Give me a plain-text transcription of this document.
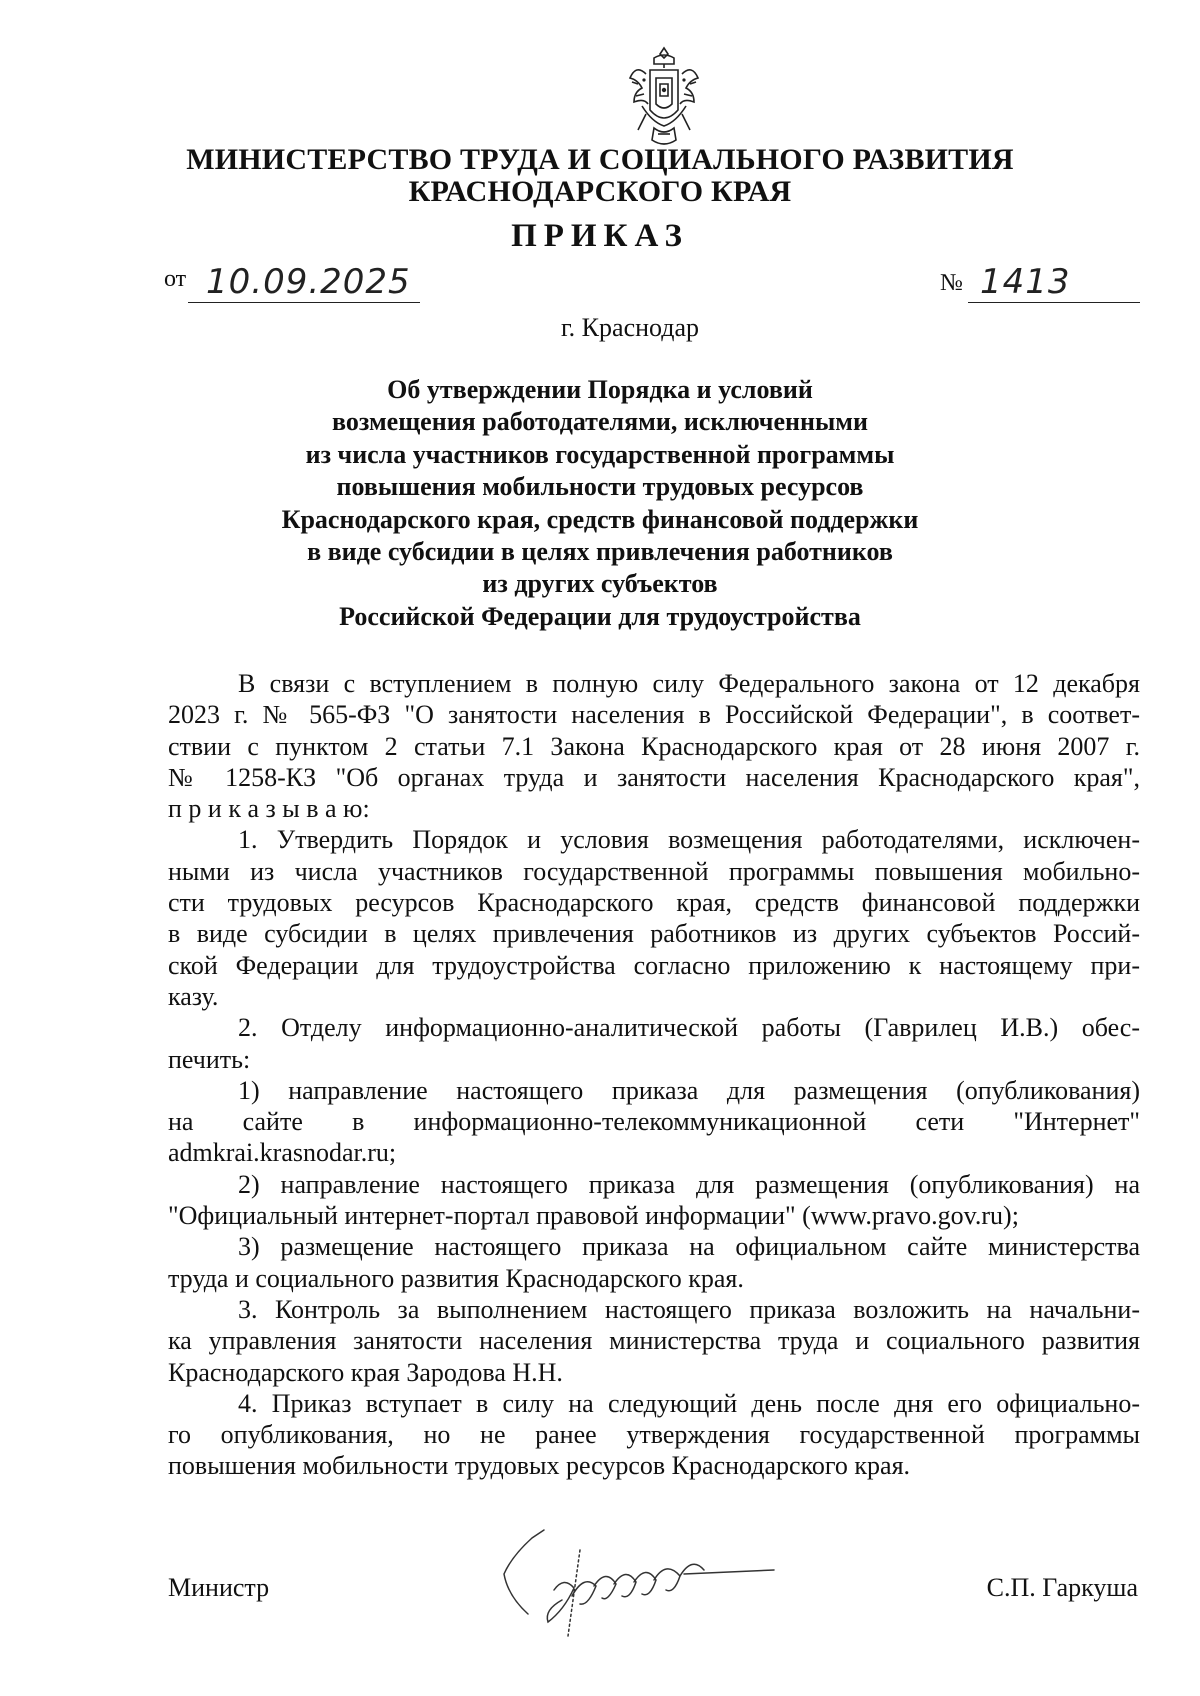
МИНИСТЕРСТВО ТРУДА И СОЦИАЛЬНОГО РАЗВИТИЯ
КРАСНОДАРСКОГО КРАЯ
ПРИКАЗ
от 10.09.2025	№ 1413
г. Краснодар
Об утверждении Порядка и условий
возмещения работодателями, исключенными
из числа участников государственной программы
повышения мобильности трудовых ресурсов
Краснодарского края, средств финансовой поддержки
в виде субсидии в целях привлечения работников
из других субъектов
Российской Федерации для трудоустройства
В связи с вступлением в полную силу Федерального закона от 12 декабря
2023 г. № 565-ФЗ "О занятости населения в Российской Федерации", в соответ-
ствии с пунктом 2 статьи 7.1 Закона Краснодарского края от 28 июня 2007 г.
№ 1258-КЗ "Об органах труда и занятости населения Краснодарского края",
п р и к а з ы в а ю:
1. Утвердить Порядок и условия возмещения работодателями, исключен-
ными из числа участников государственной программы повышения мобильно-
сти трудовых ресурсов Краснодарского края, средств финансовой поддержки
в виде субсидии в целях привлечения работников из других субъектов Россий-
ской Федерации для трудоустройства согласно приложению к настоящему при-
казу.
2. Отделу информационно-аналитической работы (Гаврилец И.В.) обес-
печить:
1) направление настоящего приказа для размещения (опубликования)
на сайте в информационно-телекоммуникационной сети "Интернет"
admkrai.krasnodar.ru;
2) направление настоящего приказа для размещения (опубликования) на
"Официальный интернет-портал правовой информации" (www.pravo.gov.ru);
3) размещение настоящего приказа на официальном сайте министерства
труда и социального развития Краснодарского края.
3. Контроль за выполнением настоящего приказа возложить на начальни-
ка управления занятости населения министерства труда и социального развития
Краснодарского края Зародова Н.Н.
4. Приказ вступает в силу на следующий день после дня его официально-
го опубликования, но не ранее утверждения государственной программы
повышения мобильности трудовых ресурсов Краснодарского края.
Министр	С.П. Гаркуша
